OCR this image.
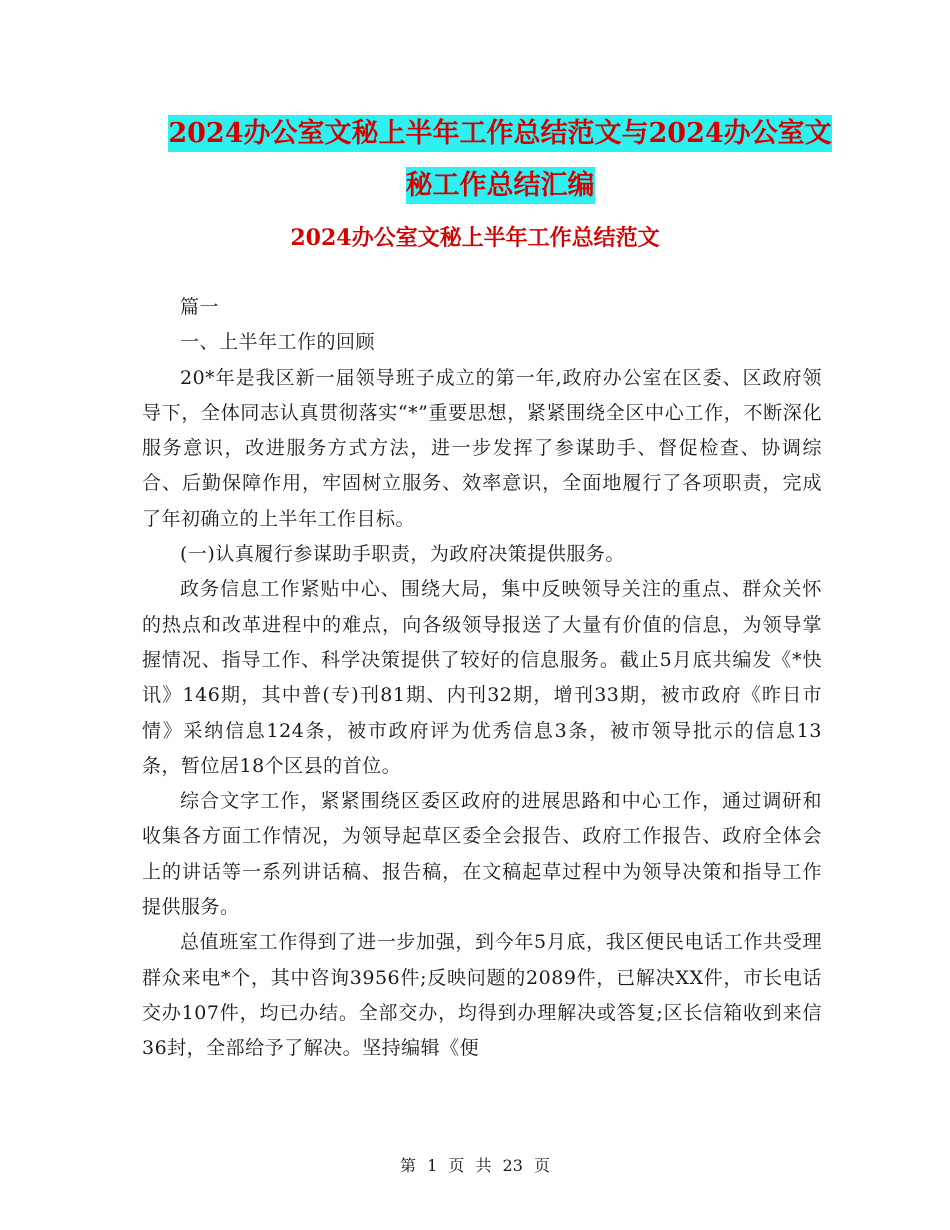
2024办公室文秘上半年工作总结范文与2024办公室文
秘工作总结汇编
2024办公室文秘上半年工作总结范文

篇一

一、上半年工作的回顾

20*年是我区新一届领导班子成立的第一年,政府办公室在区委、区政府领导下，全体同志认真贯彻落实“*”重要思想，紧紧围绕全区中心工作，不断深化服务意识，改进服务方式方法，进一步发挥了参谋助手、督促检查、协调综合、后勤保障作用，牢固树立服务、效率意识，全面地履行了各项职责，完成了年初确立的上半年工作目标。

(一)认真履行参谋助手职责，为政府决策提供服务。

政务信息工作紧贴中心、围绕大局，集中反映领导关注的重点、群众关怀的热点和改革进程中的难点，向各级领导报送了大量有价值的信息，为领导掌握情况、指导工作、科学决策提供了较好的信息服务。截止5月底共编发《*快讯》146期，其中普(专)刊81期、内刊32期，增刊33期，被市政府《昨日市情》采纳信息124条，被市政府评为优秀信息3条，被市领导批示的信息13条，暂位居18个区县的首位。

综合文字工作，紧紧围绕区委区政府的进展思路和中心工作，通过调研和收集各方面工作情况，为领导起草区委全会报告、政府工作报告、政府全体会上的讲话等一系列讲话稿、报告稿，在文稿起草过程中为领导决策和指导工作提供服务。

总值班室工作得到了进一步加强，到今年5月底，我区便民电话工作共受理群众来电*个，其中咨询3956件;反映问题的2089件，已解决XX件，市长电话交办107件，均已办结。全部交办，均得到办理解决或答复;区长信箱收到来信36封，全部给予了解决。坚持编辑《便

第 1 页 共 23 页
